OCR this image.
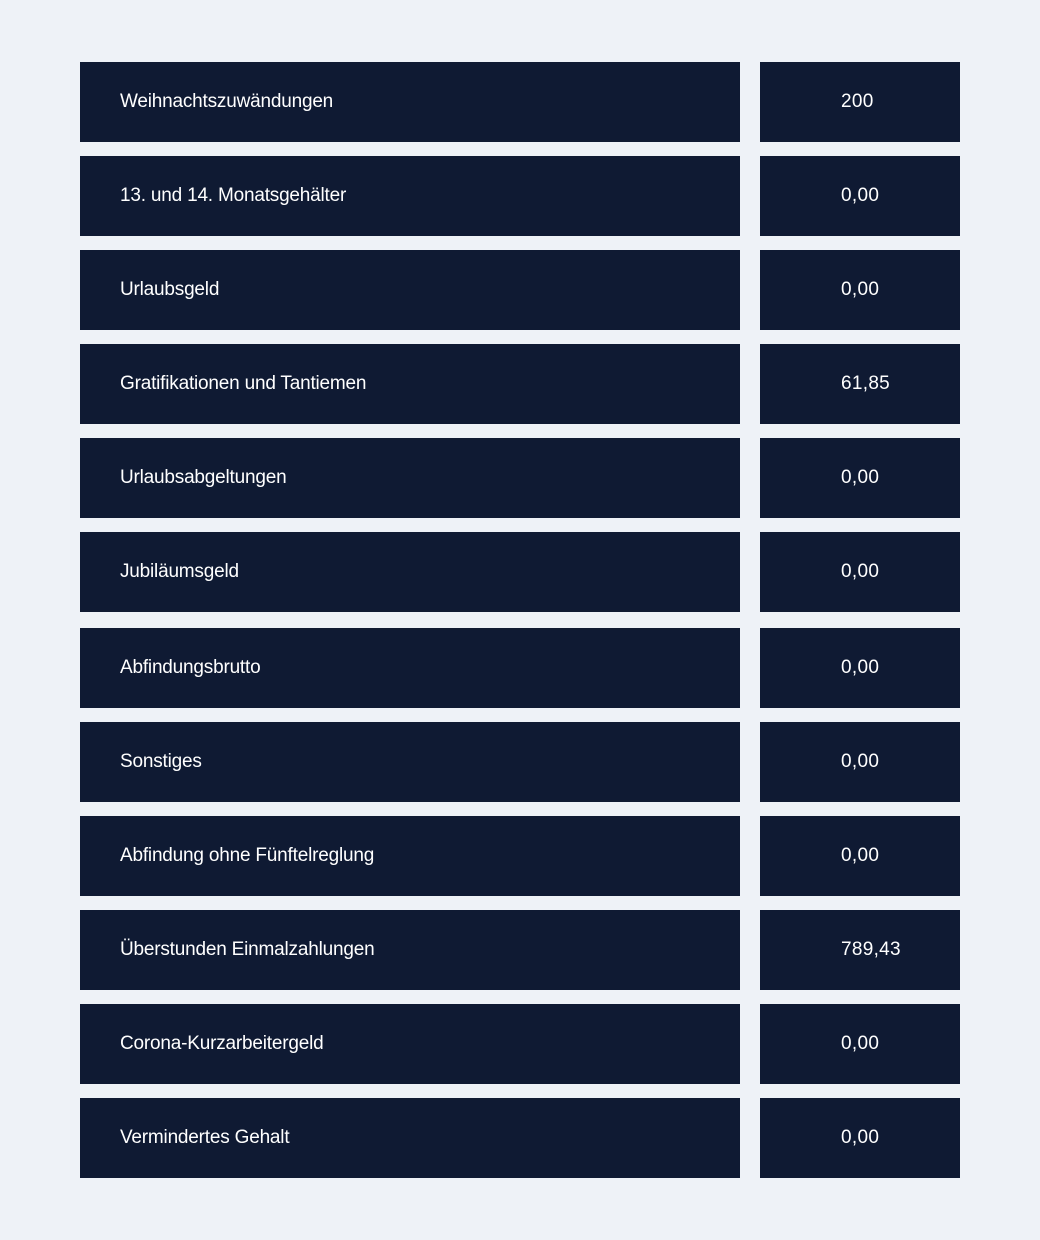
Weihnachtszuwändungen
200
13. und 14. Monatsgehälter
0,00
Urlaubsgeld
0,00
Gratifikationen und Tantiemen
61,85
Urlaubsabgeltungen
0,00
Jubiläumsgeld
0,00
Abfindungsbrutto
0,00
Sonstiges
0,00
Abfindung ohne Fünftelreglung
0,00
Überstunden Einmalzahlungen
789,43
Corona-Kurzarbeitergeld
0,00
Vermindertes Gehalt
0,00
